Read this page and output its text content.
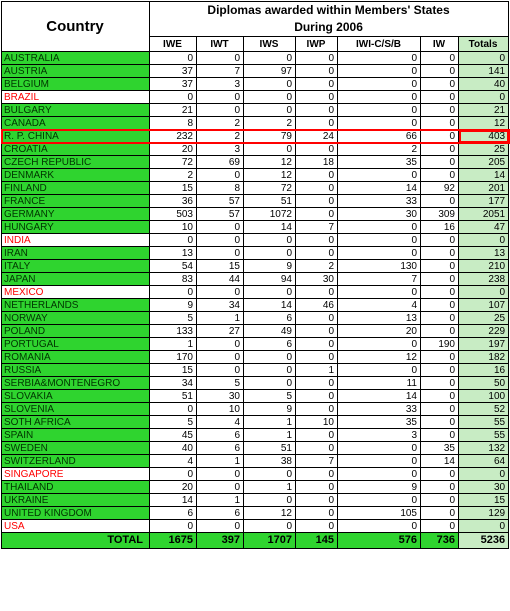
Country	Diplomas awarded within Members' States
During 2006						
	IWE	IWT	IWS	IWP	IWI-C/S/B	IW	Totals
AUSTRALIA	0	0	0	0	0	0	0
AUSTRIA	37	7	97	0	0	0	141
BELGIUM	37	3	0	0	0	0	40
BRAZIL	0	0	0	0	0	0	0
BULGARY	21	0	0	0	0	0	21
CANADA	8	2	2	0	0	0	12
R. P. CHINA	232	2	79	24	66	0	403
CROATIA	20	3	0	0	2	0	25
CZECH REPUBLIC	72	69	12	18	35	0	205
DENMARK	2	0	12	0	0	0	14
FINLAND	15	8	72	0	14	92	201
FRANCE	36	57	51	0	33	0	177
GERMANY	503	57	1072	0	30	309	2051
HUNGARY	10	0	14	7	0	16	47
INDIA	0	0	0	0	0	0	0
IRAN	13	0	0	0	0	0	13
ITALY	54	15	9	2	130	0	210
JAPAN	83	44	94	30	7	0	238
MEXICO	0	0	0	0	0	0	0
NETHERLANDS	9	34	14	46	4	0	107
NORWAY	5	1	6	0	13	0	25
POLAND	133	27	49	0	20	0	229
PORTUGAL	1	0	6	0	0	190	197
ROMANIA	170	0	0	0	12	0	182
RUSSIA	15	0	0	1	0	0	16
SERBIA&MONTENEGRO	34	5	0	0	11	0	50
SLOVAKIA	51	30	5	0	14	0	100
SLOVENIA	0	10	9	0	33	0	52
SOTH AFRICA	5	4	1	10	35	0	55
SPAIN	45	6	1	0	3	0	55
SWEDEN	40	6	51	0	0	35	132
SWITZERLAND	4	1	38	7	0	14	64
SINGAPORE	0	0	0	0	0	0	0
THAILAND	20	0	1	0	9	0	30
UKRAINE	14	1	0	0	0	0	15
UNITED KINGDOM	6	6	12	0	105	0	129
USA	0	0	0	0	0	0	0
TOTAL	1675	397	1707	145	576	736	5236
